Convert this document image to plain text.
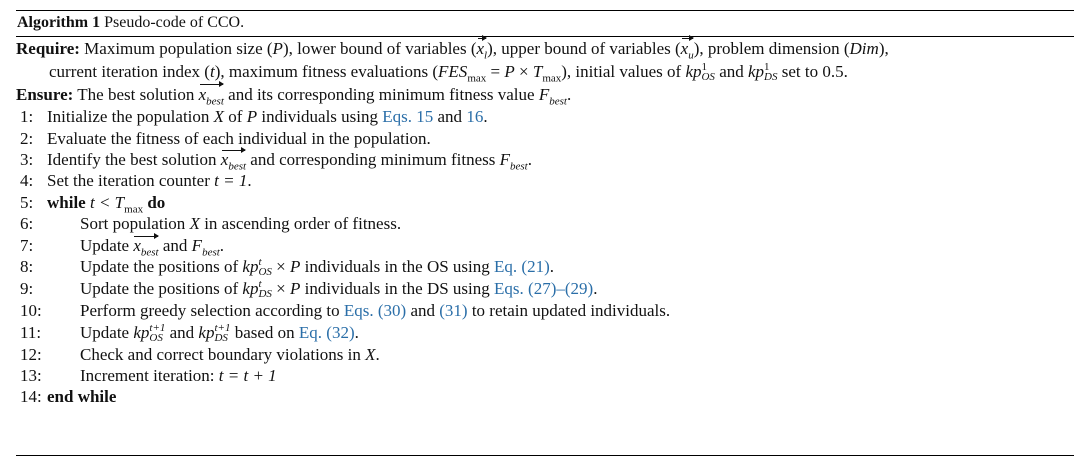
Algorithm 1 Pseudo-code of CCO.
Require: Maximum population size (P), lower bound of variables $(x_l)$, upper bound of variables $(x_u)$, problem dimension (Dim),
current iteration index (t), maximum fitness evaluations $(FES_{max} = P \times T_{max})$, initial values of kp 1
OS and kp 1
DS set to 0.5.
Ensure: The best solution $x_{best}$ and its corresponding minimum fitness value $F_{best}$.
1: Initialize the population X of P individuals using Eqs. 15 and 16.
2: Evaluate the fitness of each individual in the population.
3: Identify the best solution $x_{best}$ and corresponding minimum fitness $F_{best}$.
4: Set the iteration counter t = 1.
5: while $t < T_{max}$ do
6:	Sort population X in ascending order of fitness.
7:	Update $x_{best}$ and $F_{best}$.
8:	Update the positions of kp t
OS × P individuals in the OS using Eq. (21).
9:	Update the positions of kp t
DS × P individuals in the DS using Eqs. (27)–(29).
10: Perform greedy selection according to Eqs. (30) and (31) to retain updated individuals.
11: Update kp t+1
OS and kp t+1
DS based on Eq. (32).
12: Check and correct boundary violations in X.
13: Increment iteration: t = t + 1
14: end while
